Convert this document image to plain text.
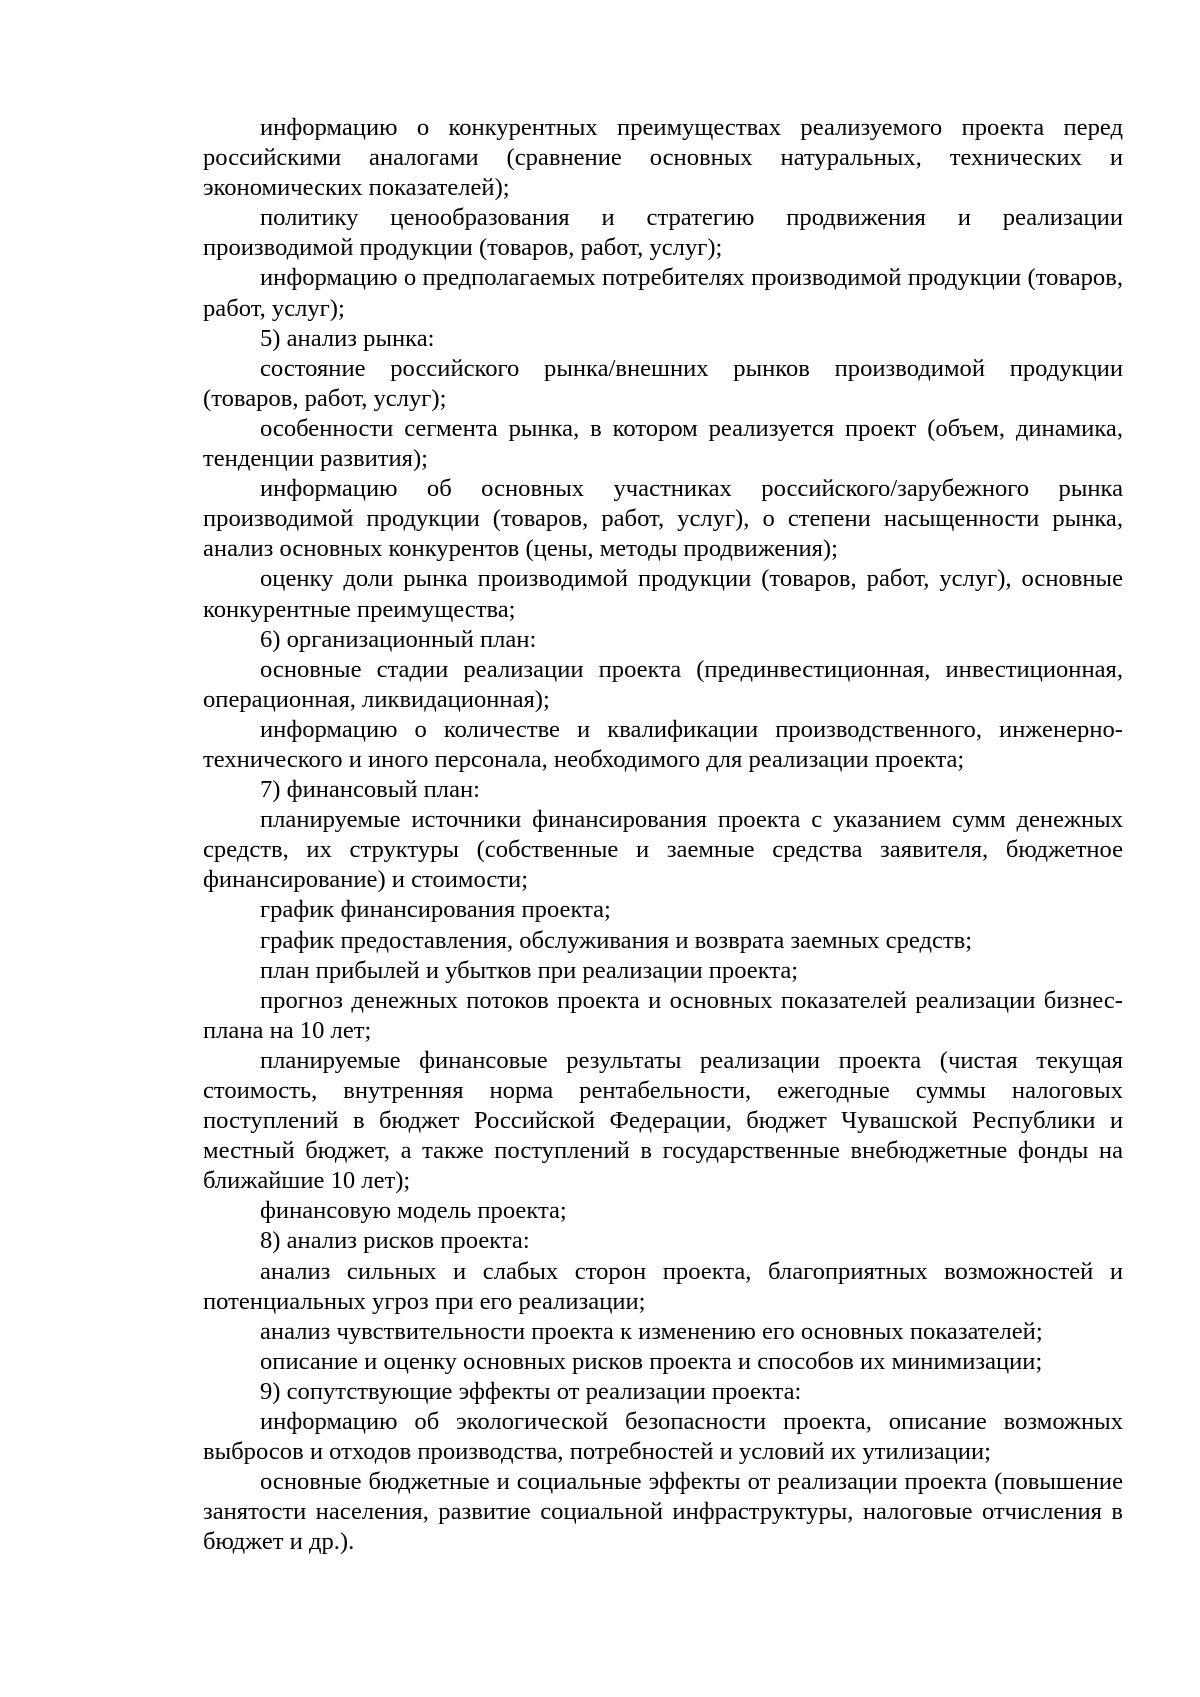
информацию о конкурентных преимуществах реализуемого проекта перед российскими аналогами (сравнение основных натуральных, технических и экономических показателей);

политику ценообразования и стратегию продвижения и реализации производимой продукции (товаров, работ, услуг);

информацию о предполагаемых потребителях производимой продукции (товаров, работ, услуг);

5) анализ рынка:

состояние российского рынка/внешних рынков производимой продукции (товаров, работ, услуг);

особенности сегмента рынка, в котором реализуется проект (объем, динамика, тенденции развития);

информацию об основных участниках российского/зарубежного рынка производимой продукции (товаров, работ, услуг), о степени насыщенности рынка, анализ основных конкурентов (цены, методы продвижения);

оценку доли рынка производимой продукции (товаров, работ, услуг), основные конкурентные преимущества;

6) организационный план:

основные стадии реализации проекта (прединвестиционная, инвестиционная, операционная, ликвидационная);

информацию о количестве и квалификации производственного, инженерно-технического и иного персонала, необходимого для реализации проекта;

7) финансовый план:

планируемые источники финансирования проекта с указанием сумм денежных средств, их структуры (собственные и заемные средства заявителя, бюджетное финансирование) и стоимости;

график финансирования проекта;

график предоставления, обслуживания и возврата заемных средств;

план прибылей и убытков при реализации проекта;

прогноз денежных потоков проекта и основных показателей реализации бизнес-плана на 10 лет;

планируемые финансовые результаты реализации проекта (чистая текущая стоимость, внутренняя норма рентабельности, ежегодные суммы налоговых поступлений в бюджет Российской Федерации, бюджет Чувашской Республики и местный бюджет, а также поступлений в государственные внебюджетные фонды на ближайшие 10 лет);

финансовую модель проекта;

8) анализ рисков проекта:

анализ сильных и слабых сторон проекта, благоприятных возможностей и потенциальных угроз при его реализации;

анализ чувствительности проекта к изменению его основных показателей;

описание и оценку основных рисков проекта и способов их минимизации;

9) сопутствующие эффекты от реализации проекта:

информацию об экологической безопасности проекта, описание возможных выбросов и отходов производства, потребностей и условий их утилизации;

основные бюджетные и социальные эффекты от реализации проекта (повышение занятости населения, развитие социальной инфраструктуры, налоговые отчисления в бюджет и др.).
